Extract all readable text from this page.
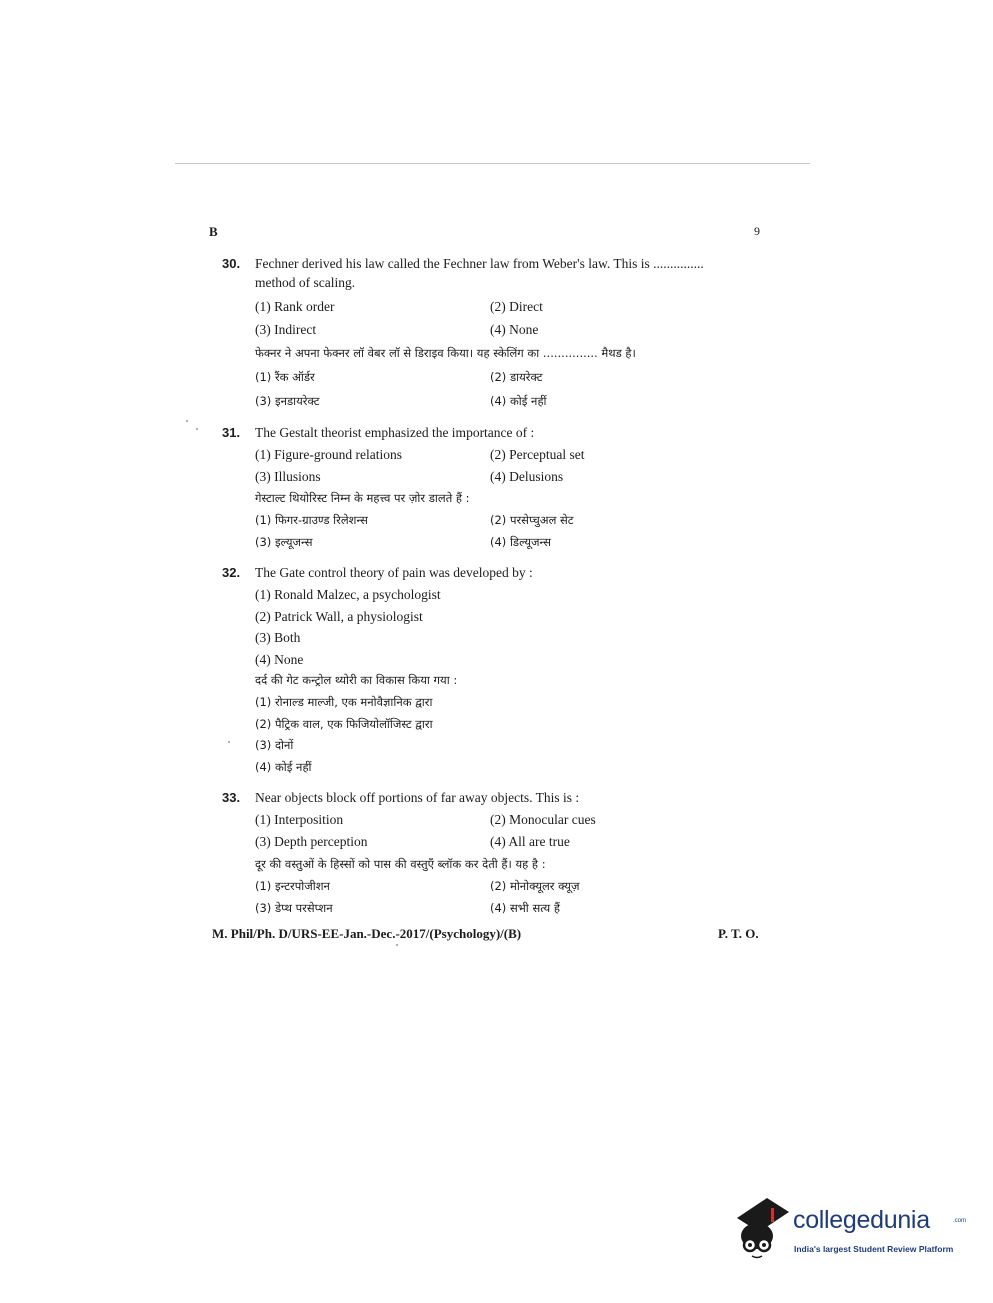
B	9
30. Fechner derived his law called the Fechner law from Weber's law. This is ...............
method of scaling.
(1) Rank order	(2) Direct
(3) Indirect	(4) None
फेक्नर ने अपना फेक्नर लॉ वेबर लॉ से डिराइव किया। यह स्केलिंग का ............... मैथड है।
(1) रैंक ऑर्डर	(2) डायरेक्ट
(3) इनडायरेक्ट	(4) कोई नहीं
31. The Gestalt theorist emphasized the importance of :
(1) Figure-ground relations	(2) Perceptual set
(3) Illusions	(4) Delusions
गेस्टाल्ट थियोरिस्ट निम्न के महत्त्व पर ज़ोर डालते हैं :
(1) फिगर-ग्राउण्ड रिलेशन्स	(2) परसेप्चुअल सेट
(3) इल्यूजन्स	(4) डिल्यूजन्स
32. The Gate control theory of pain was developed by :
(1) Ronald Malzec, a psychologist
(2) Patrick Wall, a physiologist
(3) Both
(4) None
दर्द की गेट कन्ट्रोल थ्योरी का विकास किया गया :
(1) रोनाल्ड माल्जी, एक मनोवैज्ञानिक द्वारा
(2) पैट्रिक वाल, एक फिजियोलॉजिस्ट द्वारा
(3) दोनों
(4) कोई नहीं
33. Near objects block off portions of far away objects. This is :
(1) Interposition	(2) Monocular cues
(3) Depth perception	(4) All are true
दूर की वस्तुओं के हिस्सों को पास की वस्तुएँ ब्लॉक कर देती हैं। यह है :
(1) इन्टरपोजीशन	(2) मोनोक्यूलर क्यूज़
(3) डेप्थ परसेप्शन	(4) सभी सत्य हैं
M. Phil/Ph. D/URS-EE-Jan.-Dec.-2017/(Psychology)/(B)	P. T. O.
collegedunia	.com
India's largest Student Review Platform
